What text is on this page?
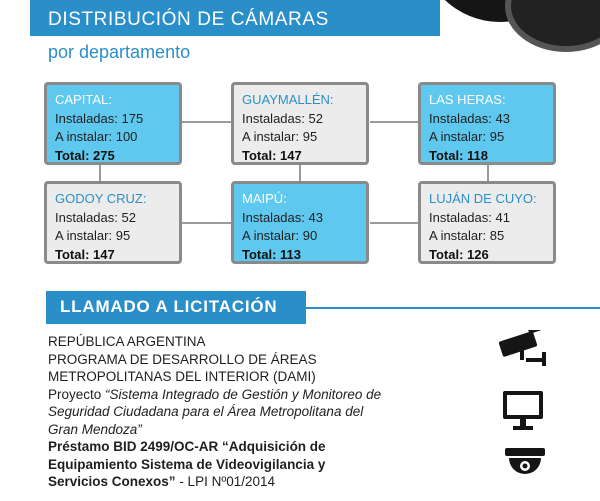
DISTRIBUCIÓN DE CÁMARAS
por departamento
CAPITAL:
Instaladas: 175
A instalar: 100
Total: 275
GUAYMALLÉN:
Instaladas: 52
A instalar: 95
Total: 147
LAS HERAS:
Instaladas: 43
A instalar: 95
Total: 118
GODOY CRUZ:
Instaladas: 52
A instalar: 95
Total: 147
MAIPÚ:
Instaladas: 43
A instalar: 90
Total: 113
LUJÁN DE CUYO:
Instaladas: 41
A instalar: 85
Total: 126
LLAMADO A LICITACIÓN
REPÚBLICA ARGENTINA
PROGRAMA DE DESARROLLO DE ÁREAS
METROPOLITANAS DEL INTERIOR (DAMI)
Proyecto “Sistema Integrado de Gestión y Monitoreo de
Seguridad Ciudadana para el Área Metropolitana del
Gran Mendoza”
Préstamo BID 2499/OC-AR “Adquisición de
Equipamiento Sistema de Videovigilancia y
Servicios Conexos” - LPI Nº01/2014
